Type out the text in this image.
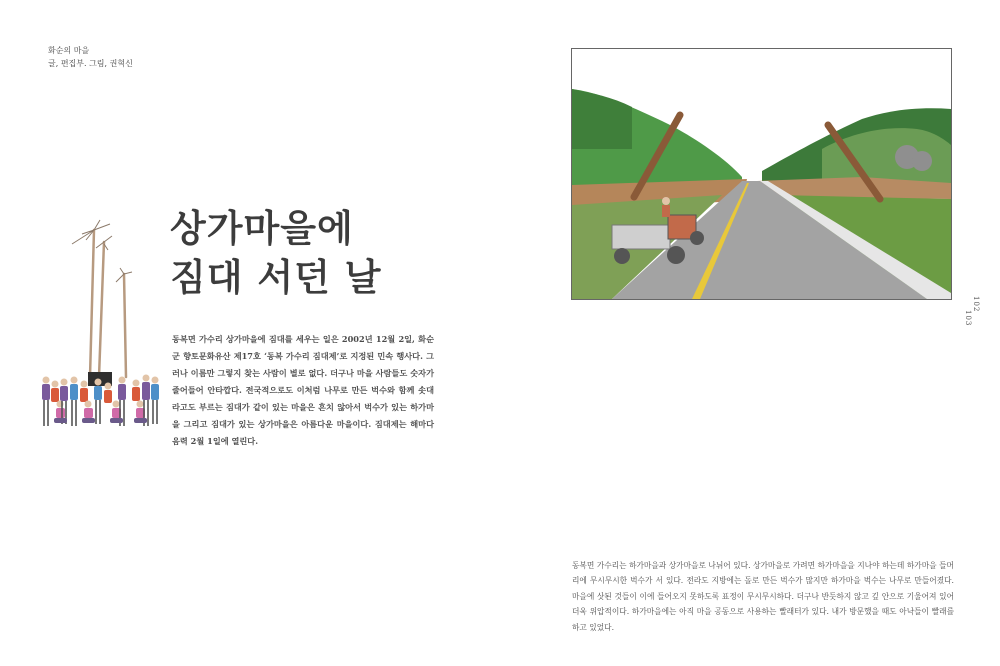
화순의 마을
글, 편집부. 그림, 권혁신
상가마을에
짐대 서던 날

동복면 가수리 상가마을에 짐대를 세우는 일은 2002년 12월 2일, 화순군 향토문화유산 제17호 ‘동복 가수리 짐대제’로 지정된 민속 행사다. 그러나 이름만 그렇지 찾는 사람이 별로 없다. 더구나 마을 사람들도 숫자가 줄어들어 안타깝다. 전국적으로도 이처럼 나무로 만든 벅수와 함께 솟대라고도 부르는 짐대가 같이 있는 마을은 흔치 않아서 벅수가 있는 하가마을 그리고 짐대가 있는 상가마을은 아름다운 마을이다. 짐대제는 해마다 음력 2월 1일에 열린다.

102
103

동복면 가수리는 하가마을과 상가마을로 나뉘어 있다. 상가마을로 가려면 하가마을을 지나야 하는데 하가마을 들머리에 무시무시한 벅수가 서 있다. 전라도 지방에는 돌로 만든 벅수가 많지만 하가마을 벅수는 나무로 만들어졌다. 마을에 삿된 것들이 이에 들어오지 못하도록 표정이 무시무시하다. 더구나 반듯하지 않고 깊 안으로 기울어져 있어 더욱 위압적이다. 하가마을에는 아직 마을 공동으로 사용하는 빨래터가 있다. 내가 방문했을 때도 아낙들이 빨래를 하고 있었다.
